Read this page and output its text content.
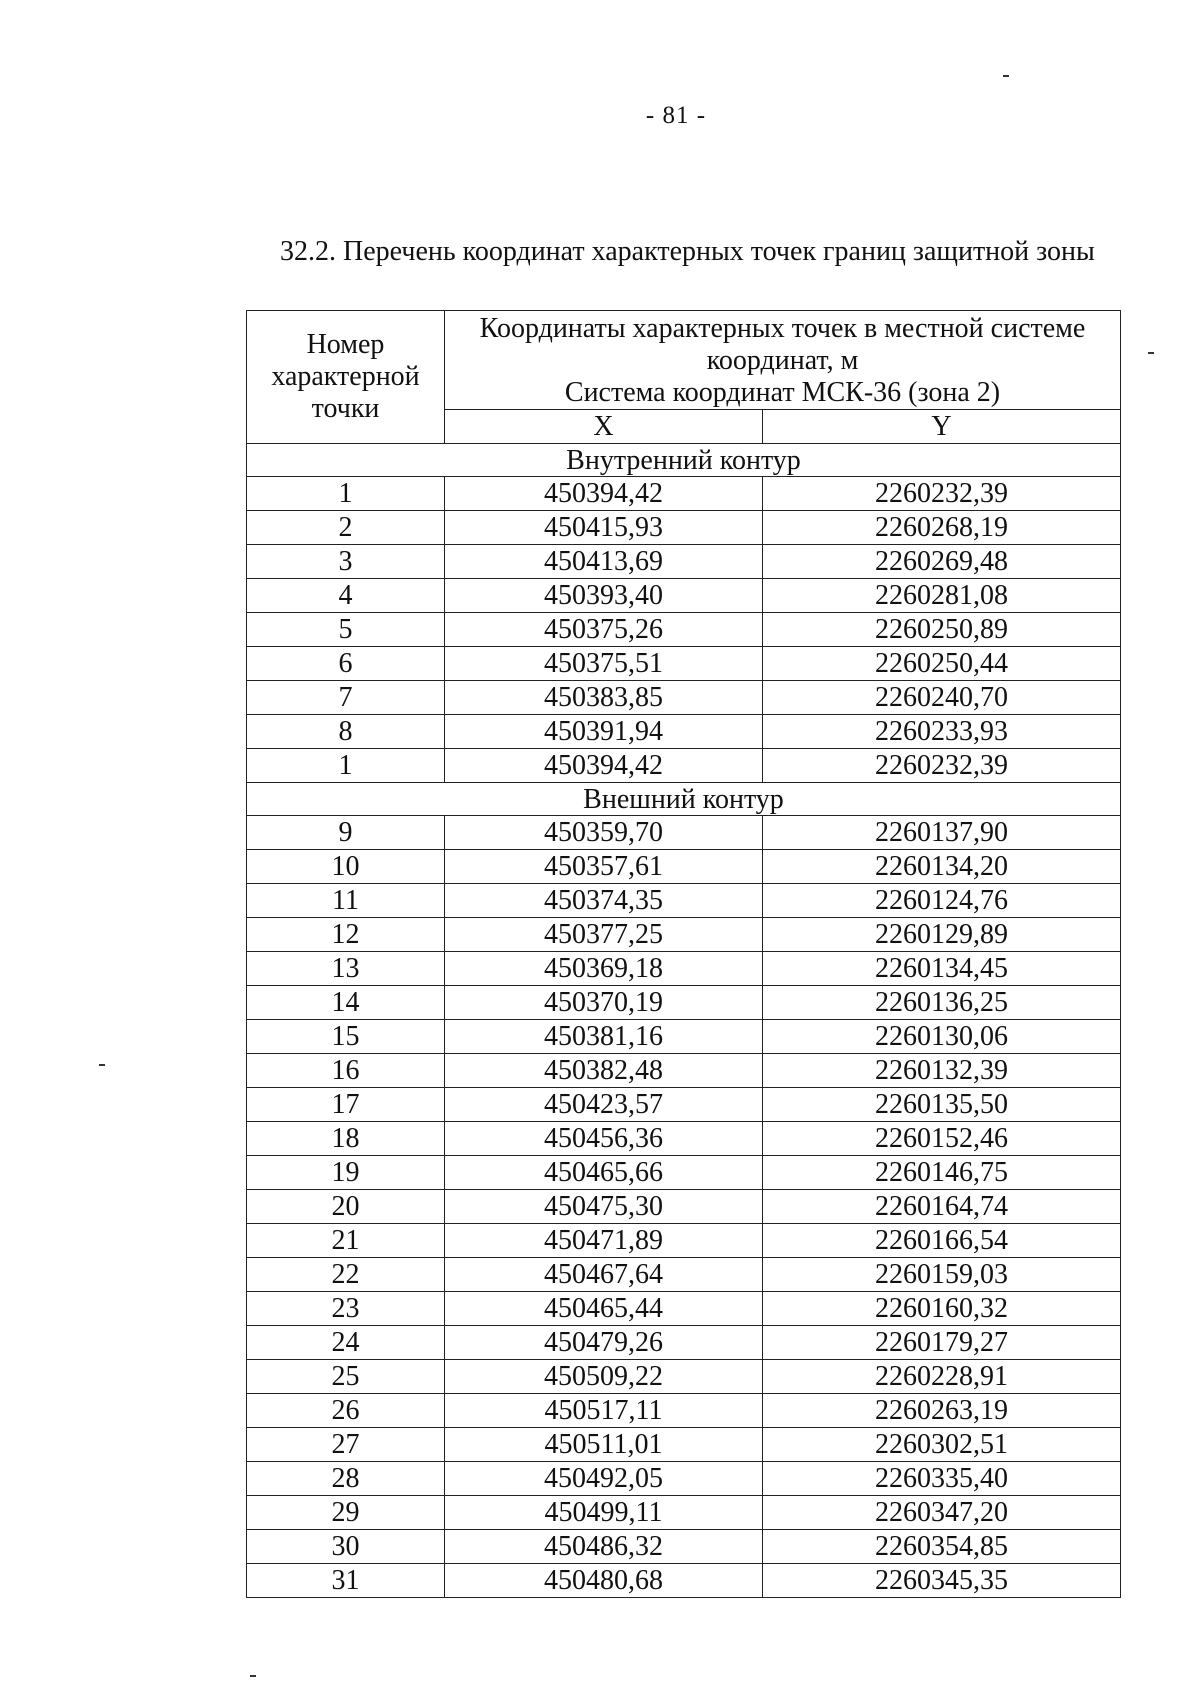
- 81 -
32.2. Перечень координат характерных точек границ защитной зоны
Номер характерной точки	Координаты характерных точек в местной системе координат, м
Система координат МСК-36 (зона 2)	

	X	Y
Внутренний контур		
1	450394,42	2260232,39
2	450415,93	2260268,19
3	450413,69	2260269,48
4	450393,40	2260281,08
5	450375,26	2260250,89
6	450375,51	2260250,44
7	450383,85	2260240,70
8	450391,94	2260233,93
1	450394,42	2260232,39
Внешний контур		
9	450359,70	2260137,90
10	450357,61	2260134,20
11	450374,35	2260124,76
12	450377,25	2260129,89
13	450369,18	2260134,45
14	450370,19	2260136,25
15	450381,16	2260130,06
16	450382,48	2260132,39
17	450423,57	2260135,50
18	450456,36	2260152,46
19	450465,66	2260146,75
20	450475,30	2260164,74
21	450471,89	2260166,54
22	450467,64	2260159,03
23	450465,44	2260160,32
24	450479,26	2260179,27
25	450509,22	2260228,91
26	450517,11	2260263,19
27	450511,01	2260302,51
28	450492,05	2260335,40
29	450499,11	2260347,20
30	450486,32	2260354,85
31	450480,68	2260345,35
